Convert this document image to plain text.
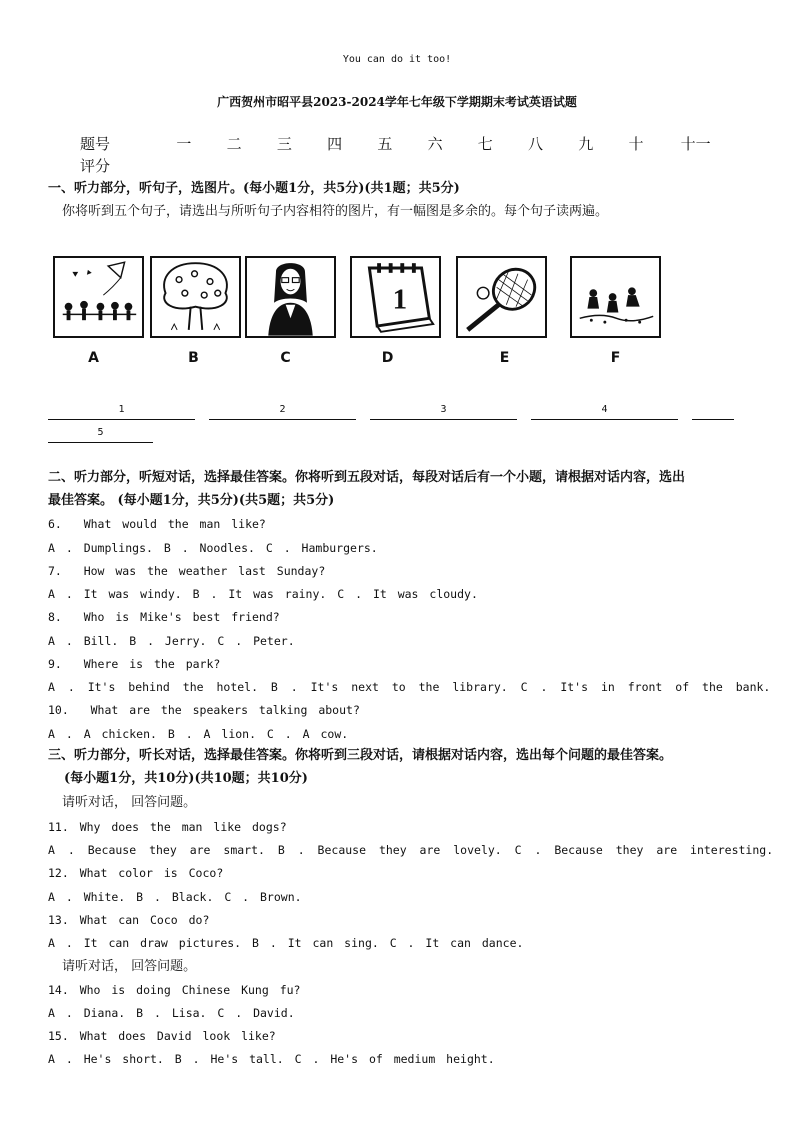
You can do it too!
广西贺州市昭平县2023-2024学年七年级下学期期末考试英语试题
题号	一	二	三	四	五	六	七	八	九	十	十一
评分
一、听力部分，听句子，选图片。(每小题1分，共5分)(共1题；共5分)
你将听到五个句子，请选出与所听句子内容相符的图片，有一幅图是多余的。每个句子读两遍。
1
A	B	C	D	E	F
1	2	3	4
5
二、听力部分，听短对话，选择最佳答案。你将听到五段对话，每段对话后有一个小题，请根据对话内容，选出
最佳答案。 (每小题1分，共5分)(共5题；共5分)
6.  What would the man like?
A . Dumplings. B . Noodles. C . Hamburgers.
7.  How was the weather last Sunday?
A . It was windy. B . It was rainy. C . It was cloudy.
8.  Who is Mike's best friend?
A . Bill. B . Jerry. C . Peter.
9.  Where is the park?
A . It's behind the hotel. B . It's next to the library. C . It's in front of the bank.
10.  What are the speakers talking about?
A . A chicken. B . A lion. C . A cow.
三、听力部分，听长对话，选择最佳答案。你将听到三段对话，请根据对话内容，选出每个问题的最佳答案。
(每小题1分，共10分)(共10题；共10分)
请听对话， 回答问题。
11. Why does the man like dogs?
A . Because they are smart. B . Because they are lovely. C . Because they are interesting.
12. What color is Coco?
A . White. B . Black. C . Brown.
13. What can Coco do?
A . It can draw pictures. B . It can sing. C . It can dance.
请听对话， 回答问题。
14. Who is doing Chinese Kung fu?
A . Diana. B . Lisa. C . David.
15. What does David look like?
A . He's short. B . He's tall. C . He's of medium height.
